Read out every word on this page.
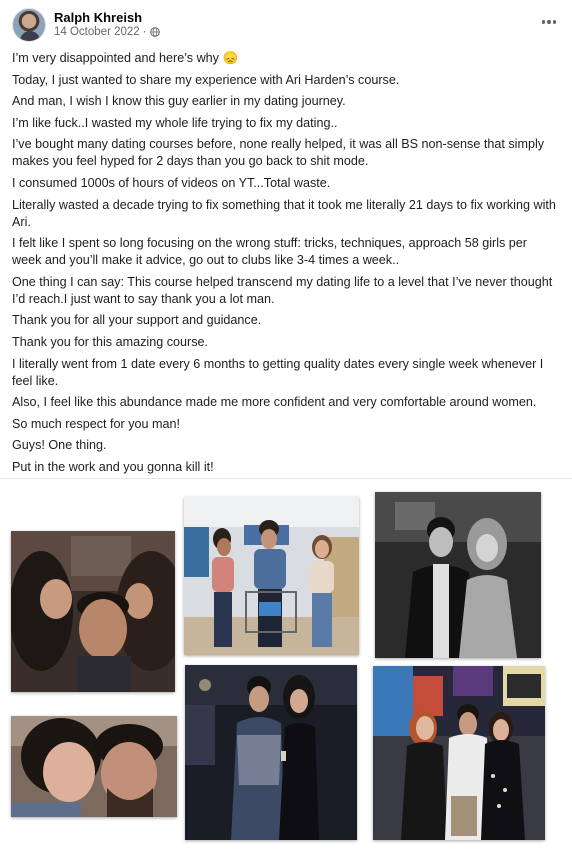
Ralph Khreish
14 October 2022 ·

I’m very disappointed and here’s why 😞

Today, I just wanted to share my experience with Ari Harden’s course.

And man, I wish I know this guy earlier in my dating journey.

I’m like fuck..I wasted my whole life trying to fix my dating..

I’ve bought many dating courses before, none really helped, it was all BS non-sense that simply makes you feel hyped for 2 days than you go back to shit mode.

I consumed 1000s of hours of videos on YT...Total waste.

Literally wasted a decade trying to fix something that it took me literally 21 days to fix working with Ari.

I felt like I spent so long focusing on the wrong stuff: tricks, techniques, approach 58 girls per week and you’ll make it advice, go out to clubs like 3-4 times a week..

One thing I can say: This course helped transcend my dating life to a level that I’ve never thought I’d reach.I just want to say thank you a lot man.

Thank you for all your support and guidance.

Thank you for this amazing course.

I literally went from 1 date every 6 months to getting quality dates every single week whenever I feel like.

Also, I feel like this abundance made me more confident and very comfortable around women.

So much respect for you man!

Guys! One thing.

Put in the work and you gonna kill it!
